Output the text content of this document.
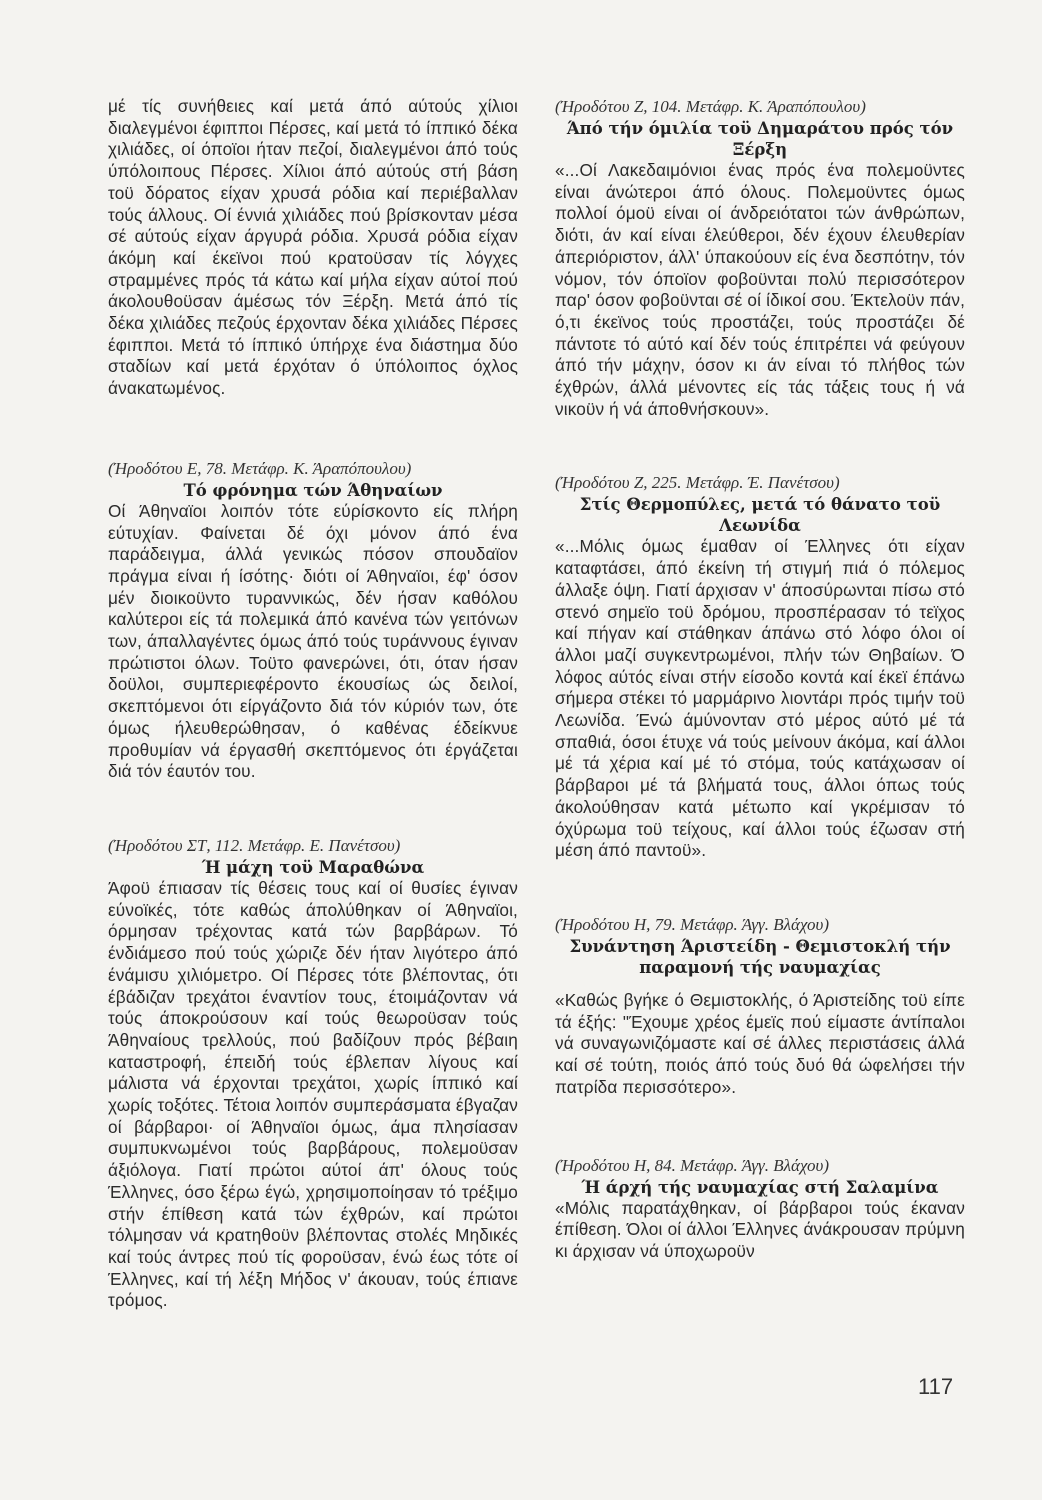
μέ τίς συνήθειες καί μετά άπό αύτούς χίλιοι διαλεγμένοι έφιπποι Πέρσες, καί μετά τό ίππικό δέκα χιλιάδες, οί όποϊοι ήταν πεζοί, διαλεγμένοι άπό τούς ύπόλοιπους Πέρσες. Χίλιοι άπό αύτούς στή βάση τοϋ δόρατος είχαν χρυσά ρόδια καί περιέβαλλαν τούς άλλους. Οί έννιά χιλιάδες πού βρίσκονταν μέσα σέ αύτούς είχαν άργυρά ρόδια. Χρυσά ρόδια είχαν άκόμη καί έκεϊνοι πού κρατοϋσαν τίς λόγχες στραμμένες πρός τά κάτω καί μήλα είχαν αύτοί πού άκολουθοϋσαν άμέσως τόν Ξέρξη. Μετά άπό τίς δέκα χιλιάδες πεζούς έρχονταν δέκα χιλιάδες Πέρσες έφιπποι. Μετά τό ίππικό ύπήρχε ένα διάστημα δύο σταδίων καί μετά έρχόταν ό ύπόλοιπος όχλος άνακατωμένος.

(Ήροδότου Ε, 78. Μετάφρ. Κ. Άραπόπουλου)

Τό φρόνημα τών Άθηναίων

Οί Άθηναϊοι λοιπόν τότε εύρίσκοντο είς πλήρη εύτυχίαν. Φαίνεται δέ όχι μόνον άπό ένα παράδειγμα, άλλά γενικώς πόσον σπουδαϊον πράγμα είναι ή ίσότης· διότι οί Άθηναϊοι, έφ' όσον μέν διοικοϋντο τυραννικώς, δέν ήσαν καθόλου καλύτεροι είς τά πολεμικά άπό κανένα τών γειτόνων των, άπαλλαγέντες όμως άπό τούς τυράννους έγιναν πρώτιστοι όλων. Τοϋτο φανερώνει, ότι, όταν ήσαν δοϋλοι, συμπεριεφέροντο έκουσίως ώς δειλοί, σκεπτόμενοι ότι είργάζοντο διά τόν κύριόν των, ότε όμως ήλευθερώθησαν, ό καθένας έδείκνυε προθυμίαν νά έργασθή σκεπτόμενος ότι έργάζεται διά τόν έαυτόν του.

(Ήροδότου ΣΤ, 112. Μετάφρ. Ε. Πανέτσου)

Ή μάχη τοϋ Μαραθώνα

Άφοϋ έπιασαν τίς θέσεις τους καί οί θυσίες έγιναν εύνοϊκές, τότε καθώς άπολύθηκαν οί Άθηναϊοι, όρμησαν τρέχοντας κατά τών βαρβάρων. Τό ένδιάμεσο πού τούς χώριζε δέν ήταν λιγότερο άπό ένάμισυ χιλιόμετρο. Οί Πέρσες τότε βλέποντας, ότι έβάδιζαν τρεχάτοι έναντίον τους, έτοιμάζονταν νά τούς άποκρούσουν καί τούς θεωροϋσαν τούς Άθηναίους τρελλούς, πού βαδίζουν πρός βέβαιη καταστροφή, έπειδή τούς έβλεπαν λίγους καί μάλιστα νά έρχονται τρεχάτοι, χωρίς ίππικό καί χωρίς τοξότες. Τέτοια λοιπόν συμπεράσματα έβγαζαν οί βάρβαροι· οί Άθηναϊοι όμως, άμα πλησίασαν συμπυκνωμένοι τούς βαρβάρους, πολεμοϋσαν άξιόλογα. Γιατί πρώτοι αύτοί άπ' όλους τούς Έλληνες, όσο ξέρω έγώ, χρησιμοποίησαν τό τρέξιμο στήν έπίθεση κατά τών έχθρών, καί πρώτοι τόλμησαν νά κρατηθοϋν βλέποντας στολές Μηδικές καί τούς άντρες πού τίς φοροϋσαν, ένώ έως τότε οί Έλληνες, καί τή λέξη Μήδος ν' άκουαν, τούς έπιανε τρόμος.

(Ήροδότου Ζ, 104. Μετάφρ. Κ. Άραπόπουλου)

Άπό τήν όμιλία τοϋ Δημαράτου πρός τόν Ξέρξη

«...Οί Λακεδαιμόνιοι ένας πρός ένα πολεμοϋντες είναι άνώτεροι άπό όλους. Πολεμοϋντες όμως πολλοί όμοϋ είναι οί άνδρειότατοι τών άνθρώπων, διότι, άν καί είναι έλεύθεροι, δέν έχουν έλευθερίαν άπεριόριστον, άλλ' ύπακούουν είς ένα δεσπότην, τόν νόμον, τόν όποϊον φοβοϋνται πολύ περισσότερον παρ' όσον φοβοϋνται σέ οί ίδικοί σου. Έκτελοϋν πάν, ό,τι έκεϊνος τούς προστάζει, τούς προστάζει δέ πάντοτε τό αύτό καί δέν τούς έπιτρέπει νά φεύγουν άπό τήν μάχην, όσον κι άν είναι τό πλήθος τών έχθρών, άλλά μένοντες είς τάς τάξεις τους ή νά νικοϋν ή νά άποθνήσκουν».

(Ήροδότου Ζ, 225. Μετάφρ. Έ. Πανέτσου)

Στίς Θερμοπύλες, μετά τό θάνατο τοϋ Λεωνίδα

«...Μόλις όμως έμαθαν οί Έλληνες ότι είχαν καταφτάσει, άπό έκείνη τή στιγμή πιά ό πόλεμος άλλαξε όψη. Γιατί άρχισαν ν' άποσύρωνται πίσω στό στενό σημεϊο τοϋ δρόμου, προσπέρασαν τό τεϊχος καί πήγαν καί στάθηκαν άπάνω στό λόφο όλοι οί άλλοι μαζί συγκεντρωμένοι, πλήν τών Θηβαίων. Ό λόφος αύτός είναι στήν είσοδο κοντά καί έκεϊ έπάνω σήμερα στέκει τό μαρμάρινο λιοντάρι πρός τιμήν τοϋ Λεωνίδα. Ένώ άμύνονταν στό μέρος αύτό μέ τά σπαθιά, όσοι έτυχε νά τούς μείνουν άκόμα, καί άλλοι μέ τά χέρια καί μέ τό στόμα, τούς κατάχωσαν οί βάρβαροι μέ τά βλήματά τους, άλλοι όπως τούς άκολούθησαν κατά μέτωπο καί γκρέμισαν τό όχύρωμα τοϋ τείχους, καί άλλοι τούς έζωσαν στή μέση άπό παντοϋ».

(Ήροδότου Η, 79. Μετάφρ. Άγγ. Βλάχου)

Συνάντηση Άριστείδη - Θεμιστοκλή τήν παραμονή τής ναυμαχίας

«Καθώς βγήκε ό Θεμιστοκλής, ό Άριστείδης τοϋ είπε τά έξής: "Έχουμε χρέος έμεϊς πού είμαστε άντίπαλοι νά συναγωνιζόμαστε καί σέ άλλες περιστάσεις άλλά καί σέ τούτη, ποιός άπό τούς δυό θά ώφελήσει τήν πατρίδα περισσότερο».

(Ήροδότου Η, 84. Μετάφρ. Άγγ. Βλάχου)

Ή άρχή τής ναυμαχίας στή Σαλαμίνα

«Μόλις παρατάχθηκαν, οί βάρβαροι τούς έκαναν έπίθεση. Όλοι οί άλλοι Έλληνες άνάκρουσαν πρύμνη κι άρχισαν νά ύποχωροϋν

117
